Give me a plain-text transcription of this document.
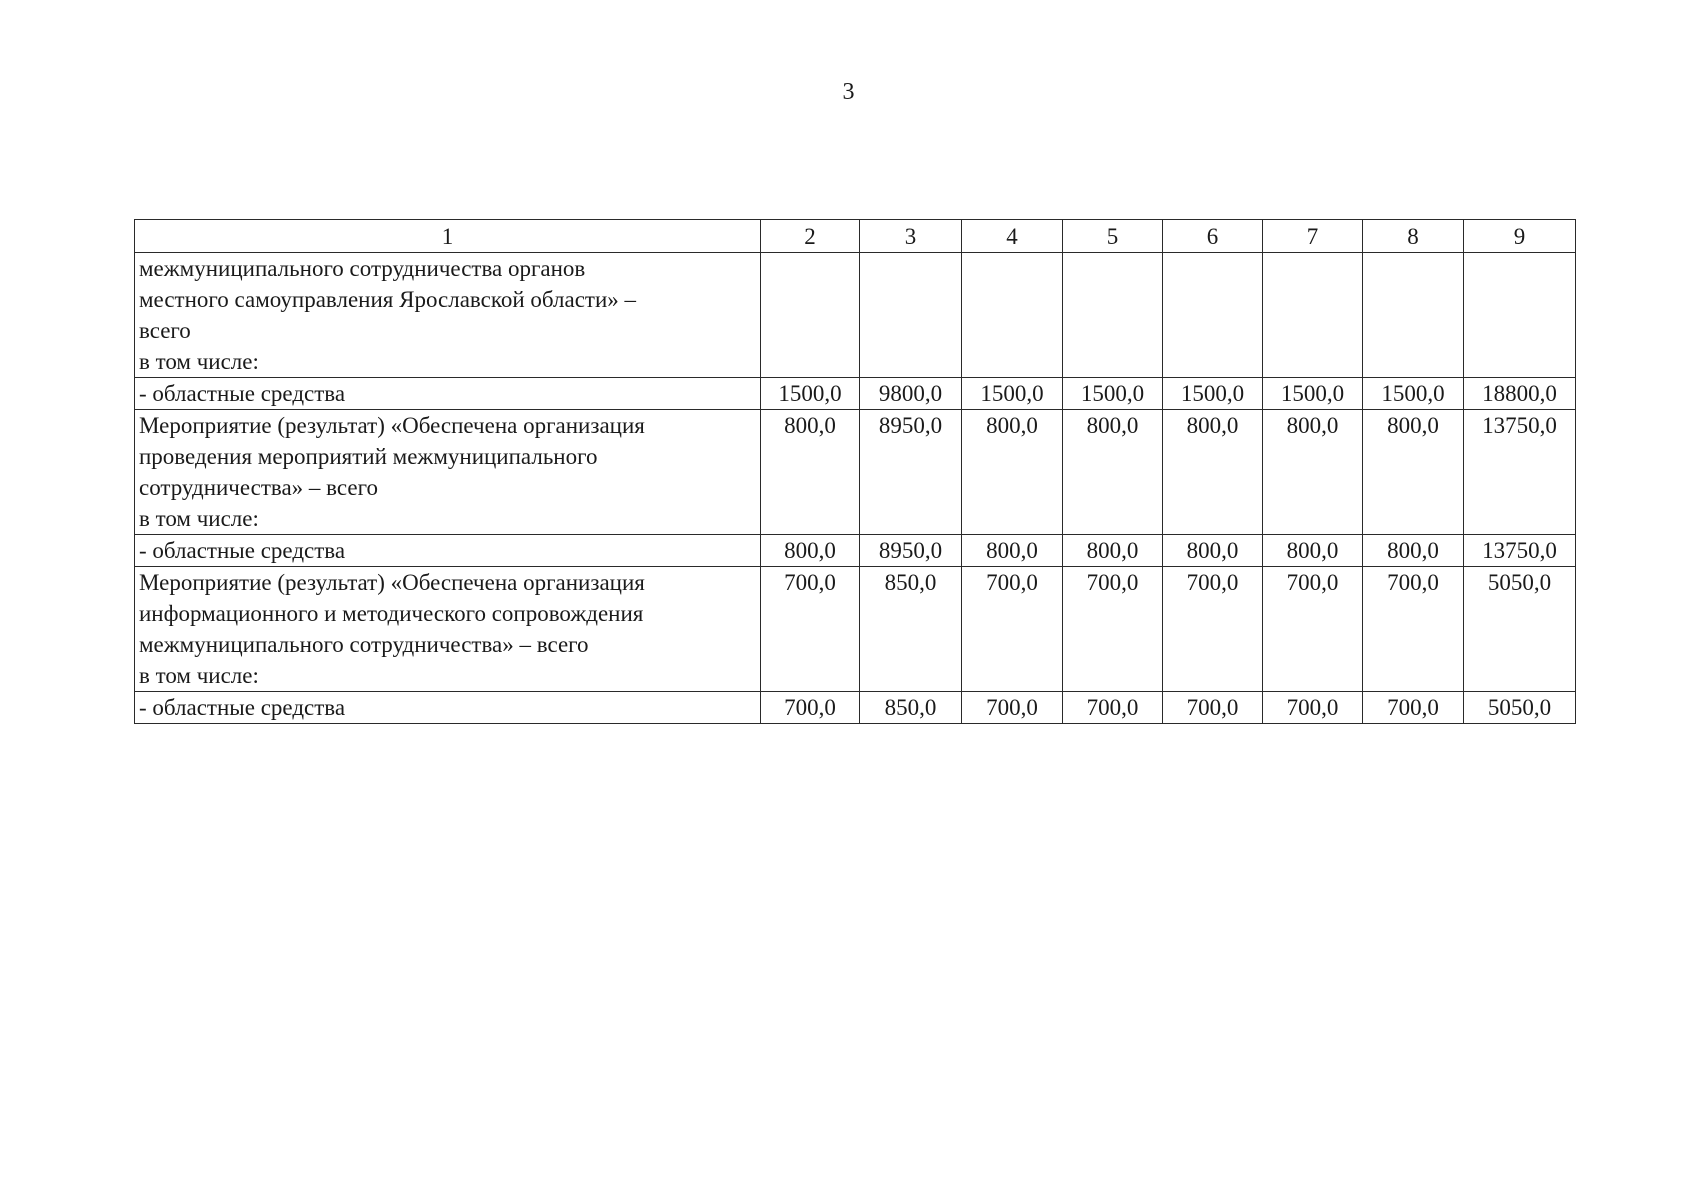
3
1	2	3	4	5	6	7	8	9

межмуниципального сотрудничества органов
местного самоуправления Ярославской области» –
всего
в том числе:								

- областные средства	1500,0	9800,0	1500,0	1500,0	1500,0	1500,0	1500,0	18800,0

Мероприятие (результат) «Обеспечена организация
проведения мероприятий межмуниципального
сотрудничества» – всего
в том числе:	800,0	8950,0	800,0	800,0	800,0	800,0	800,0	13750,0

- областные средства	800,0	8950,0	800,0	800,0	800,0	800,0	800,0	13750,0

Мероприятие (результат) «Обеспечена организация
информационного и методического сопровождения
межмуниципального сотрудничества» – всего
в том числе:	700,0	850,0	700,0	700,0	700,0	700,0	700,0	5050,0

- областные средства	700,0	850,0	700,0	700,0	700,0	700,0	700,0	5050,0
